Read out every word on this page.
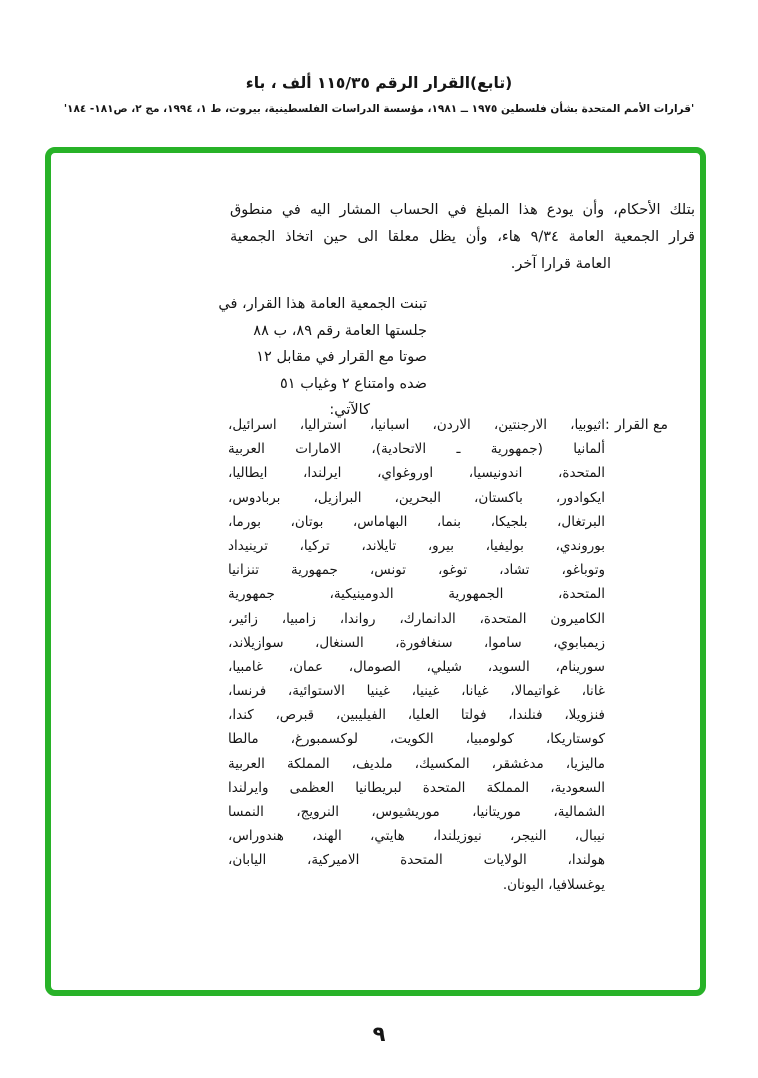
(تابع)القرار الرقم ١١٥/٣٥ ألف ، باء
'قرارات الأمم المتحدة بشأن فلسطين ١٩٧٥ ــ ١٩٨١، مؤسسة الدراسات الفلسطينية، بيروت، ط ١، ١٩٩٤، مج ٢، ص١٨١- ١٨٤'
بتلك الأحكام، وأن يودع هذا المبلغ في الحساب المشار اليه في منطوق
قرار الجمعية العامة ٩/٣٤ هاء، وأن يظل معلقا الى حين اتخاذ الجمعية
العامة قرارا آخر.
تبنت الجمعية العامة هذا القرار، في
جلستها العامة رقم ٨٩، ب ٨٨
صوتا مع القرار في مقابل ١٢
ضده وامتناع ٢ وغياب ٥١
كالآتي:
مع القرار
:
اثيوبيا، الارجنتين، الاردن، اسبانيا، استراليا، اسرائيل،
ألمانيا (جمهورية ـ الاتحادية)، الامارات العربية
المتحدة، اندونيسيا، اوروغواي، ايرلندا، ايطاليا،
ايكوادور، باكستان، البحرين، البرازيل، بربادوس،
البرتغال، بلجيكا، بنما، البهاماس، بوتان، بورما،
بوروندي، بوليفيا، بيرو، تايلاند، تركيا، ترينيداد
وتوباغو، تشاد، توغو، تونس، جمهورية تنزانيا
المتحدة، الجمهورية الدومينيكية، جمهورية
الكاميرون المتحدة، الدانمارك، رواندا، زامبيا، زائير،
زيمبابوي، ساموا، سنغافورة، السنغال، سوازيلاند،
سورينام، السويد، شيلي، الصومال، عمان، غامبيا،
غانا، غواتيمالا، غيانا، غينيا، غينيا الاستوائية، فرنسا،
فنزويلا، فنلندا، فولتا العليا، الفيليبين، قبرص، كندا،
كوستاريكا، كولومبيا، الكويت، لوكسمبورغ، مالطا
ماليزيا، مدغشقر، المكسيك، ملديف، المملكة العربية
السعودية، المملكة المتحدة لبريطانيا العظمى وايرلندا
الشمالية، موريتانيا، موريشيوس، النرويج، النمسا
نيبال، النيجر، نيوزيلندا، هايتي، الهند، هندوراس،
هولندا، الولايات المتحدة الاميركية، اليابان،
يوغسلافيا، اليونان.
٩
